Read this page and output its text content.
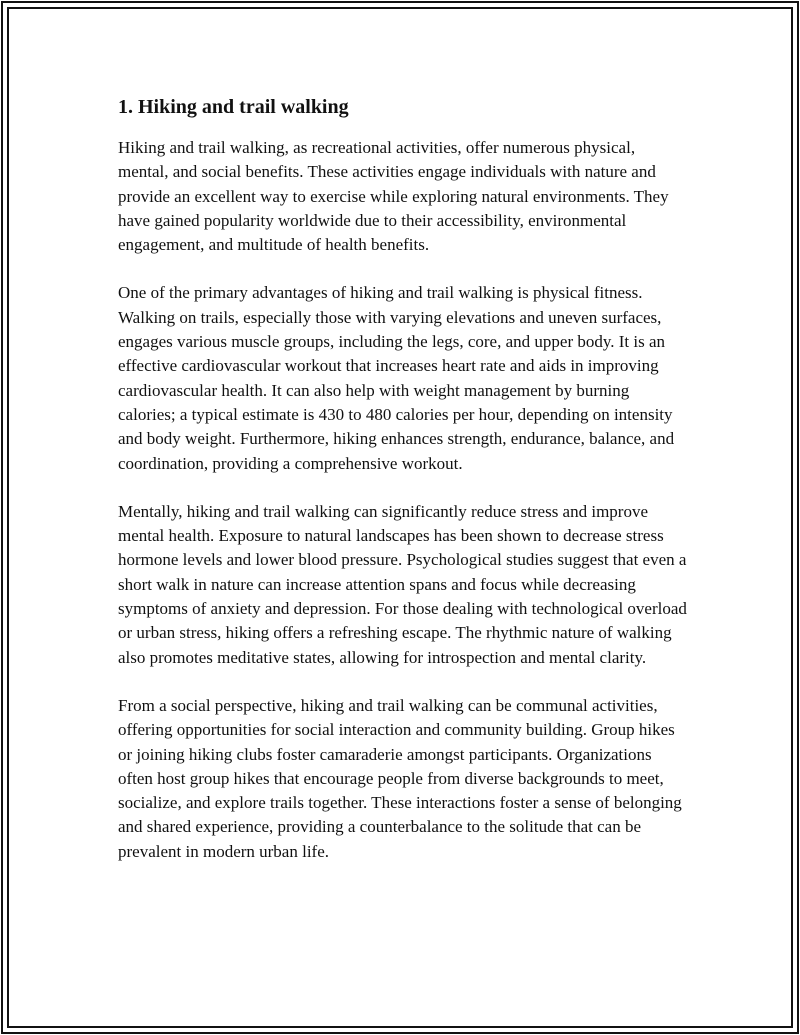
1. Hiking and trail walking

Hiking and trail walking, as recreational activities, offer numerous physical, mental, and social benefits. These activities engage individuals with nature and provide an excellent way to exercise while exploring natural environments. They have gained popularity worldwide due to their accessibility, environmental engagement, and multitude of health benefits.

One of the primary advantages of hiking and trail walking is physical fitness. Walking on trails, especially those with varying elevations and uneven surfaces, engages various muscle groups, including the legs, core, and upper body. It is an effective cardiovascular workout that increases heart rate and aids in improving cardiovascular health. It can also help with weight management by burning calories; a typical estimate is 430 to 480 calories per hour, depending on intensity and body weight. Furthermore, hiking enhances strength, endurance, balance, and coordination, providing a comprehensive workout.

Mentally, hiking and trail walking can significantly reduce stress and improve mental health. Exposure to natural landscapes has been shown to decrease stress hormone levels and lower blood pressure. Psychological studies suggest that even a short walk in nature can increase attention spans and focus while decreasing symptoms of anxiety and depression. For those dealing with technological overload or urban stress, hiking offers a refreshing escape. The rhythmic nature of walking also promotes meditative states, allowing for introspection and mental clarity.

From a social perspective, hiking and trail walking can be communal activities, offering opportunities for social interaction and community building. Group hikes or joining hiking clubs foster camaraderie amongst participants. Organizations often host group hikes that encourage people from diverse backgrounds to meet, socialize, and explore trails together. These interactions foster a sense of belonging and shared experience, providing a counterbalance to the solitude that can be prevalent in modern urban life.
